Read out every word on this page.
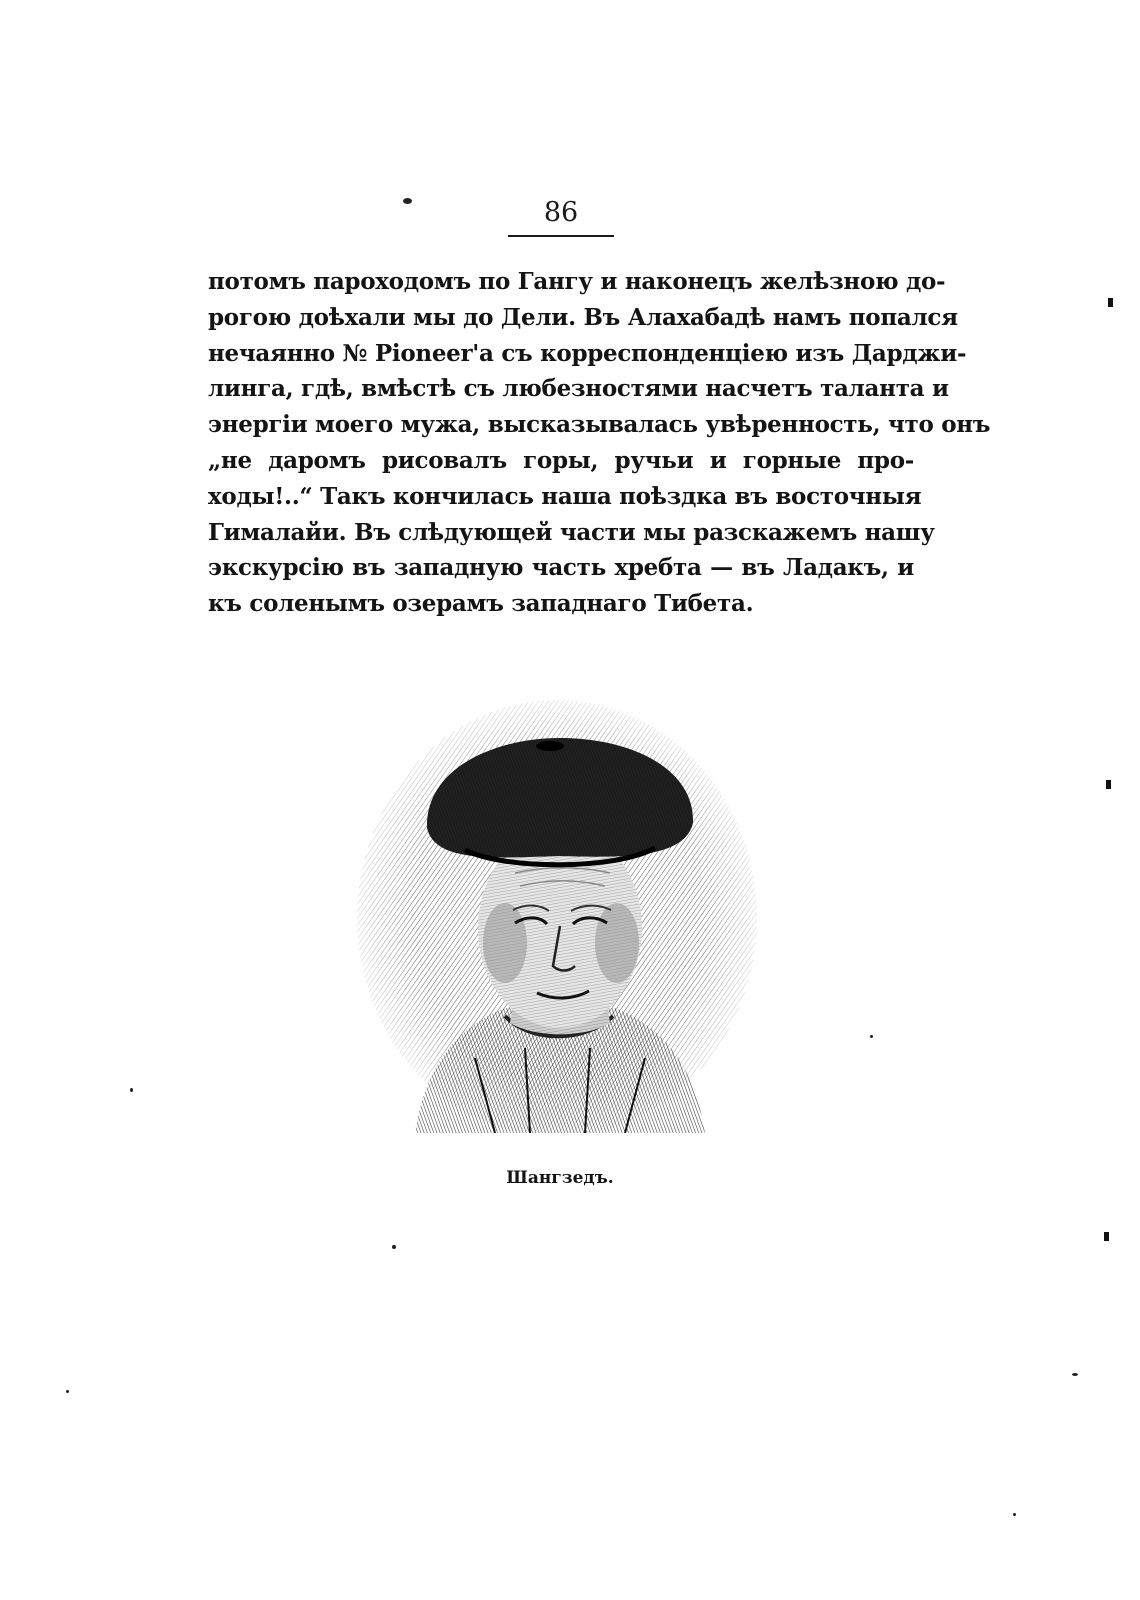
86
потомъ пароходомъ по Гангу и наконецъ желѣзною до-
рогою доѣхали мы до Дели. Въ Алахабадѣ намъ попался
нечаянно № Pioneer'a съ корреспонденціею изъ Дарджи-
линга, гдѣ, вмѣстѣ съ любезностями насчетъ таланта и
энергіи моего мужа, высказывалась увѣренность, что онъ
„не даромъ рисовалъ горы, ручьи и горные про-
ходы!..“ Такъ кончилась наша поѣздка въ восточныя
Гималайи. Въ слѣдующей части мы разскажемъ нашу
экскурсію въ западную часть хребта — въ Ладакъ, и
къ соленымъ озерамъ западнаго Тибета.
Шангзедъ.
